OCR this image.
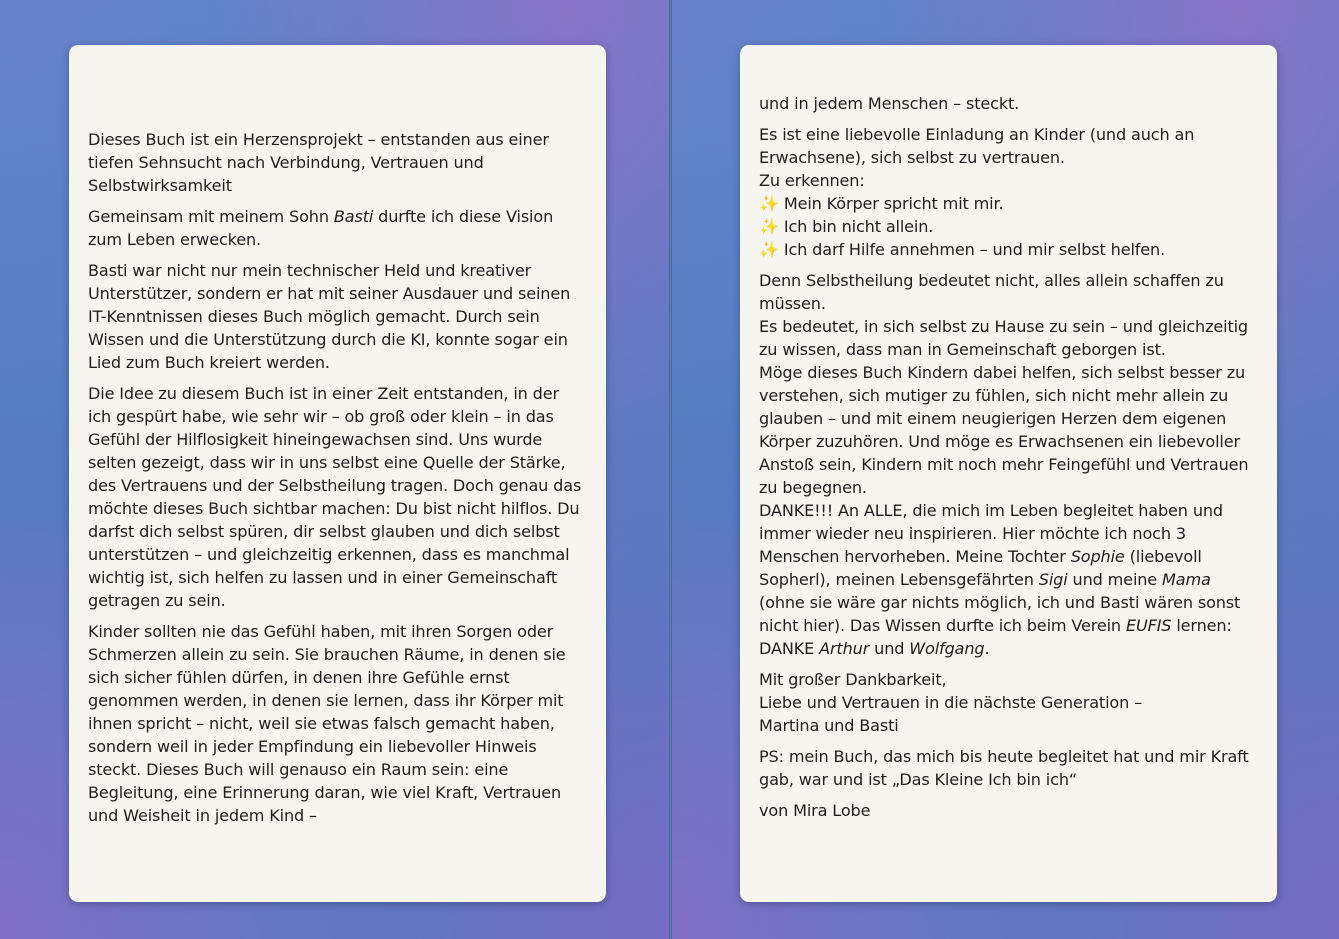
Dieses Buch ist ein Herzensprojekt – entstanden aus einer tiefen Sehnsucht nach Verbindung, Vertrauen und Selbstwirksamkeit

Gemeinsam mit meinem Sohn Basti durfte ich diese Vision zum Leben erwecken.

Basti war nicht nur mein technischer Held und kreativer Unterstützer, sondern er hat mit seiner Ausdauer und seinen IT-Kenntnissen dieses Buch möglich gemacht. Durch sein Wissen und die Unterstützung durch die KI, konnte sogar ein Lied zum Buch kreiert werden.

Die Idee zu diesem Buch ist in einer Zeit entstanden, in der ich gespürt habe, wie sehr wir – ob groß oder klein – in das Gefühl der Hilflosigkeit hineingewachsen sind. Uns wurde selten gezeigt, dass wir in uns selbst eine Quelle der Stärke, des Vertrauens und der Selbstheilung tragen. Doch genau das möchte dieses Buch sichtbar machen: Du bist nicht hilflos. Du darfst dich selbst spüren, dir selbst glauben und dich selbst unterstützen – und gleichzeitig erkennen, dass es manchmal wichtig ist, sich helfen zu lassen und in einer Gemeinschaft getragen zu sein.

Kinder sollten nie das Gefühl haben, mit ihren Sorgen oder Schmerzen allein zu sein. Sie brauchen Räume, in denen sie sich sicher fühlen dürfen, in denen ihre Gefühle ernst genommen werden, in denen sie lernen, dass ihr Körper mit ihnen spricht – nicht, weil sie etwas falsch gemacht haben, sondern weil in jeder Empfindung ein liebevoller Hinweis steckt. Dieses Buch will genauso ein Raum sein: eine Begleitung, eine Erinnerung daran, wie viel Kraft, Vertrauen und Weisheit in jedem Kind –

und in jedem Menschen – steckt.

Es ist eine liebevolle Einladung an Kinder (und auch an Erwachsene), sich selbst zu vertrauen.
Zu erkennen:
✨ Mein Körper spricht mit mir.
✨ Ich bin nicht allein.
✨ Ich darf Hilfe annehmen – und mir selbst helfen.
Denn Selbstheilung bedeutet nicht, alles allein schaffen zu müssen.
Es bedeutet, in sich selbst zu Hause zu sein – und gleichzeitig zu wissen, dass man in Gemeinschaft geborgen ist.
Möge dieses Buch Kindern dabei helfen, sich selbst besser zu verstehen, sich mutiger zu fühlen, sich nicht mehr allein zu glauben – und mit einem neugierigen Herzen dem eigenen Körper zuzuhören. Und möge es Erwachsenen ein liebevoller Anstoß sein, Kindern mit noch mehr Feingefühl und Vertrauen zu begegnen.
DANKE!!! An ALLE, die mich im Leben begleitet haben und immer wieder neu inspirieren. Hier möchte ich noch 3 Menschen hervorheben. Meine Tochter Sophie (liebevoll Sopherl), meinen Lebensgefährten Sigi und meine Mama (ohne sie wäre gar nichts möglich, ich und Basti wären sonst nicht hier). Das Wissen durfte ich beim Verein EUFIS lernen: DANKE Arthur und Wolfgang.
Mit großer Dankbarkeit,
Liebe und Vertrauen in die nächste Generation –
Martina und Basti

PS: mein Buch, das mich bis heute begleitet hat und mir Kraft gab, war und ist „Das Kleine Ich bin ich“

von Mira Lobe
